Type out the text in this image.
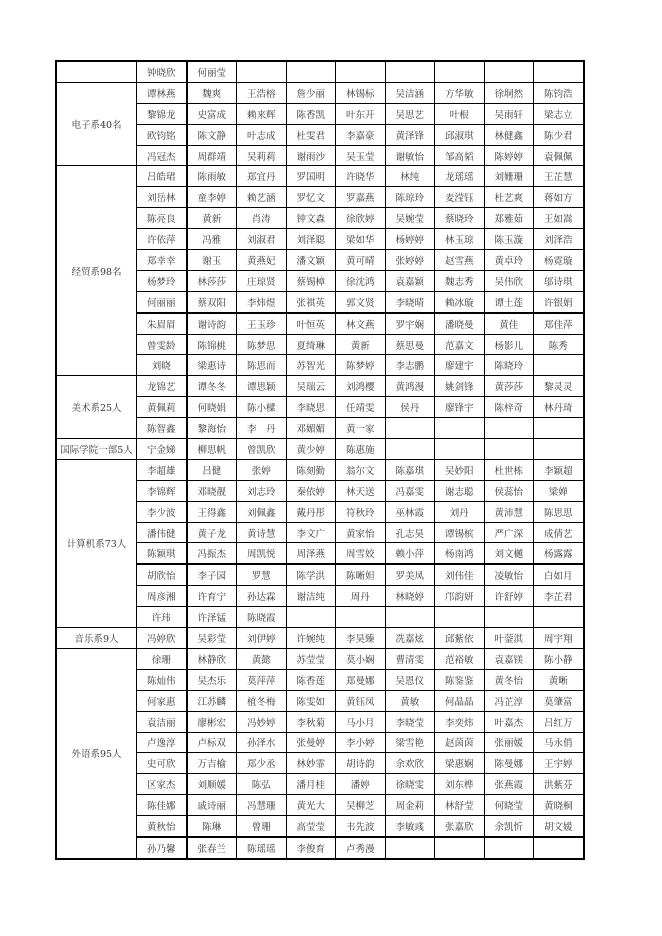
	钟晓欣	何丽莹							
电子系40名	谭林燕	魏爽	王浩榕	詹少丽	林锡标	吴洁涵	方华敏	徐垌然	陈钧浩
	黎锦龙	史富成	赖来辉	陈香凯	叶东开	吴思艺	叶根	吴雨轩	梁志立
	欧钧铭	陈文静	叶志成	杜雯君	李嘉豪	黄泽锋	邱淑琪	林健鑫	陈少君
	冯冠杰	周群靖	吴莉莉	谢雨沙	吴玉莹	谢敏怡	邹高韬	陈婷婷	袁佩佩
经贸系98名	吕皓珺	陈雨敏	郑宜丹	罗国明	许晓华	林纯	龙瑶瑶	刘姗珊	王芷慧
	刘岳林	童李婷	赖艺涵	罗忆文	罗嘉燕	陈琼玲	麦滢钰	杜艺爽	蒋如方
	陈亮良	黄新	肖涛	钟文森	徐欣婷	吴婉莹	蔡晓玲	郑雅茹	王如嵩
	许依萍	冯雅	刘淑君	刘泽聪	梁如华	杨婷婷	林玉琼	陈玉漩	刘泽浩
	郑幸幸	谢玉	黄燕妃	潘文颖	黄可晴	张婷婷	赵雪燕	黄卓玲	杨霓璇
	杨梦玲	林莎莎	庄琼贤	蔡锡樟	徐沈鸿	袁嘉颖	魏志秀	吴伟欣	邬诗琪
	何丽丽	蔡双阳	李炜煜	张祺英	郭文贤	李晓晴	赖冰璇	谭土莲	许银娟
	朱眉眉	谢诗韵	王玉珍	叶恒英	林文燕	罗宇娴	潘晓曼	黄佳	郑佳萍
	曾雯龄	陈锦桃	陈梦思	夏绮琳	黄新	蔡思曼	范嘉文	杨影儿	陈秀
	刘晓	梁惠诗	陈思而	苏智光	陈梦婷	李志鹏	廖建宇	陈晓玲	
美术系25人	龙锦艺	谭冬冬	谭思颖	吴瑞云	刘鸿樱	黄鸿漫	姚剑锋	黄莎莎	黎灵灵
	黄佩莉	何晓娟	陈小樑	李晓思	任靖雯	侯丹	廖锋宇	陈梓奇	林丹琦
	陈智鑫	黎海怡	李　丹	邓媚媚	黄一家				
国际学院一部5人	宁金娣	柳思帆	曾凯欣	黄少婷	陈惠施				
计算机系73人	李超雄	吕健	张婷	陈刻勤	翁尔文	陈嘉琪	吴妙阳	杜世栋	李颖超
	李锦辉	邓晓靓	刘志玲	秦依婷	林天送	冯嘉雯	谢志聪	侯蕊怡	梁婵
	李少波	王得鑫	刘佩鑫	戴丹彤	符秋玲	巫林霞	刘丹	黄沛慧	陈思思
	潘伟健	黄子龙	黄诗慧	李文广	黄家怡	孔志昊	谭锡槟	严广深	成倩艺
	陈颖琪	冯振杰	周凯悦	周泽燕	周雪姣	赖小萍	杨南鸿	刘文樾	杨露露
	胡欣怡	李子园	罗慧	陈学洪	陈晰妲	罗美凤	刘伟佳	凌敏怡	白如月
	周彦湘	许育宁	孙达霖	谢洁纯	周丹	林晓婷	邝韵妍	许舒婷	李芷君
	许玮	许泽锰	陈晓霞						
音乐系9人	冯婷欣	吴彩莹	刘伊婷	许婉纯	李昊臻	冼嘉炫	邱紫依	叶蓥淇	周宇翔
外语系95人	徐珊	林静欣	黄懿	苏莹莹	莫小娴	曹清雯	范裕敏	袁嘉镁	陈小静
	陈灿伟	吴杰乐	莫萍萍	陈香莲	郑曼娜	吴恩仪	陈鉴鉴	黄冬怡	黄晰
	何家惠	江苏麟	植冬梅	陈雯如	黄钰凤	黄敏	何晶晶	冯芷淳	莫肇富
	袁洁丽	廖彬宏	冯妙婷	李秋菊	马小月	李晓莹	李奕炜	叶嘉杰	吕红万
	卢逸淳	卢标双	孙泽水	张曼婷	李小婷	梁雪艳	赵茵茵	张丽媛	马永俏
	史可欣	万吉榆	郑少丞	林妙霏	胡诗韵	余欢欣	梁惠娴	陈曼娜	王宇婷
	区家杰	刘顺媛	陈弘	潘月桂	潘婷	徐晓雯	刘东桦	张燕霞	洪紫芬
	陈佳娜	戚诗丽	冯慧珊	黄光大	吴柳芝	周金莉	林舒莹	何晓莹	黄晓桐
	黄秋怡	陈琳	曾珊	高莹莹	韦先波	李敏彧	张嘉欣	余凯忻	胡文媛
	孙乃馨	张春兰	陈瑶瑶	李俊育	卢秀漫				
